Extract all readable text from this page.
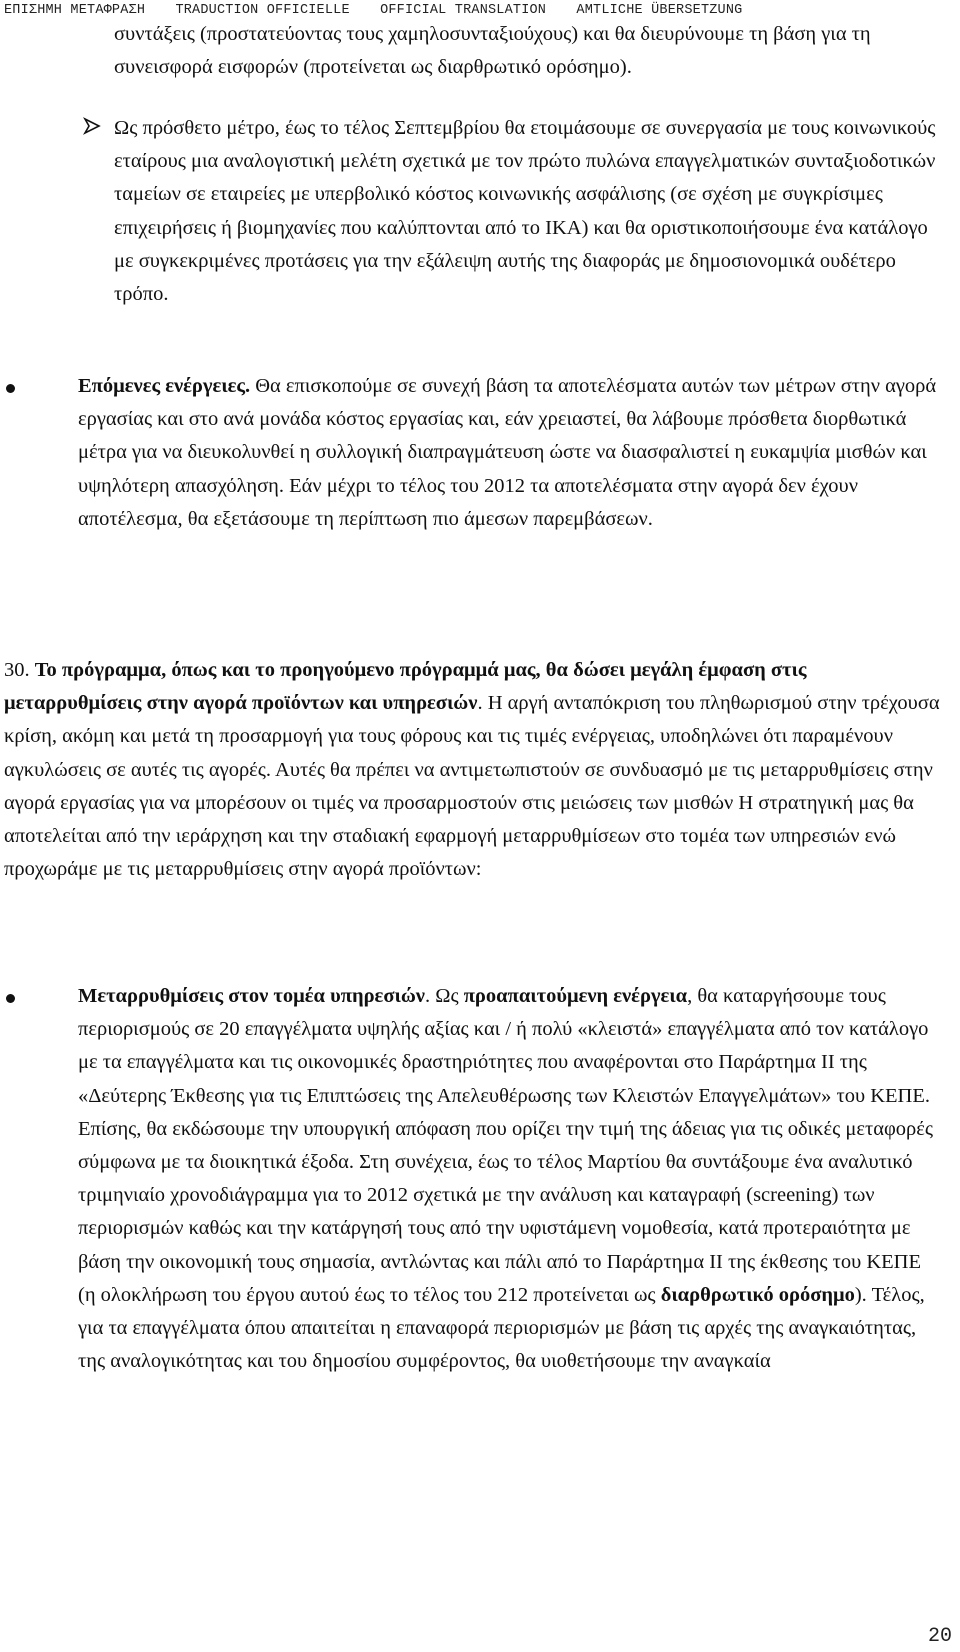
ΕΠΙΣΗΜΗ ΜΕΤΑΦΡΑΣΗ TRADUCTION OFFICIELLE OFFICIAL TRANSLATION AMTLICHE ÜBERSETZUNG

συντάξεις (προστατεύοντας τους χαμηλοσυνταξιούχους) και θα διευρύνουμε τη βάση για τη συνεισφορά εισφορών (προτείνεται ως διαρθρωτικό ορόσημο).

Ως πρόσθετο μέτρο, έως το τέλος Σεπτεμβρίου θα ετοιμάσουμε σε συνεργασία με τους κοινωνικούς εταίρους μια αναλογιστική μελέτη σχετικά με τον πρώτο πυλώνα επαγγελματικών συνταξιοδοτικών ταμείων σε εταιρείες με υπερβολικό κόστος κοινωνικής ασφάλισης (σε σχέση με συγκρίσιμες επιχειρήσεις ή βιομηχανίες που καλύπτονται από το ΙΚΑ) και θα οριστικοποιήσουμε ένα κατάλογο με συγκεκριμένες προτάσεις για την εξάλειψη αυτής της διαφοράς με δημοσιονομικά ουδέτερο τρόπο.

Επόμενες ενέργειες. Θα επισκοπούμε σε συνεχή βάση τα αποτελέσματα αυτών των μέτρων στην αγορά εργασίας και στο ανά μονάδα κόστος εργασίας και, εάν χρειαστεί, θα λάβουμε πρόσθετα διορθωτικά μέτρα για να διευκολυνθεί η συλλογική διαπραγμάτευση ώστε να διασφαλιστεί η ευκαμψία μισθών και υψηλότερη απασχόληση. Εάν μέχρι το τέλος του 2012 τα αποτελέσματα στην αγορά δεν έχουν αποτέλεσμα, θα εξετάσουμε τη περίπτωση πιο άμεσων παρεμβάσεων.

30. Το πρόγραμμα, όπως και το προηγούμενο πρόγραμμά μας, θα δώσει μεγάλη έμφαση στις μεταρρυθμίσεις στην αγορά προϊόντων και υπηρεσιών. Η αργή ανταπόκριση του πληθωρισμού στην τρέχουσα κρίση, ακόμη και μετά τη προσαρμογή για τους φόρους και τις τιμές ενέργειας, υποδηλώνει ότι παραμένουν αγκυλώσεις σε αυτές τις αγορές. Αυτές θα πρέπει να αντιμετωπιστούν σε συνδυασμό με τις μεταρρυθμίσεις στην αγορά εργασίας για να μπορέσουν οι τιμές να προσαρμοστούν στις μειώσεις των μισθών Η στρατηγική μας θα αποτελείται από την ιεράρχηση και την σταδιακή εφαρμογή μεταρρυθμίσεων στο τομέα των υπηρεσιών ενώ προχωράμε με τις μεταρρυθμίσεις στην αγορά προϊόντων:

Μεταρρυθμίσεις στον τομέα υπηρεσιών. Ως προαπαιτούμενη ενέργεια, θα καταργήσουμε τους περιορισμούς σε 20 επαγγέλματα υψηλής αξίας και / ή πολύ «κλειστά» επαγγέλματα από τον κατάλογο με τα επαγγέλματα και τις οικονομικές δραστηριότητες που αναφέρονται στο Παράρτημα II της «Δεύτερης Έκθεσης για τις Επιπτώσεις της Απελευθέρωσης των Κλειστών Επαγγελμάτων» του ΚΕΠΕ. Επίσης, θα εκδώσουμε την υπουργική απόφαση που ορίζει την τιμή της άδειας για τις οδικές μεταφορές σύμφωνα με τα διοικητικά έξοδα. Στη συνέχεια, έως το τέλος Μαρτίου θα συντάξουμε ένα αναλυτικό τριμηνιαίο χρονοδιάγραμμα για το 2012 σχετικά με την ανάλυση και καταγραφή (screening) των περιορισμών καθώς και την κατάργησή τους από την υφιστάμενη νομοθεσία, κατά προτεραιότητα με βάση την οικονομική τους σημασία, αντλώντας και πάλι από το Παράρτημα II της έκθεσης του ΚΕΠΕ (η ολοκλήρωση του έργου αυτού έως το τέλος του 212 προτείνεται ως διαρθρωτικό ορόσημο). Τέλος, για τα επαγγέλματα όπου απαιτείται η επαναφορά περιορισμών με βάση τις αρχές της αναγκαιότητας, της αναλογικότητας και του δημοσίου συμφέροντος, θα υιοθετήσουμε την αναγκαία

20
